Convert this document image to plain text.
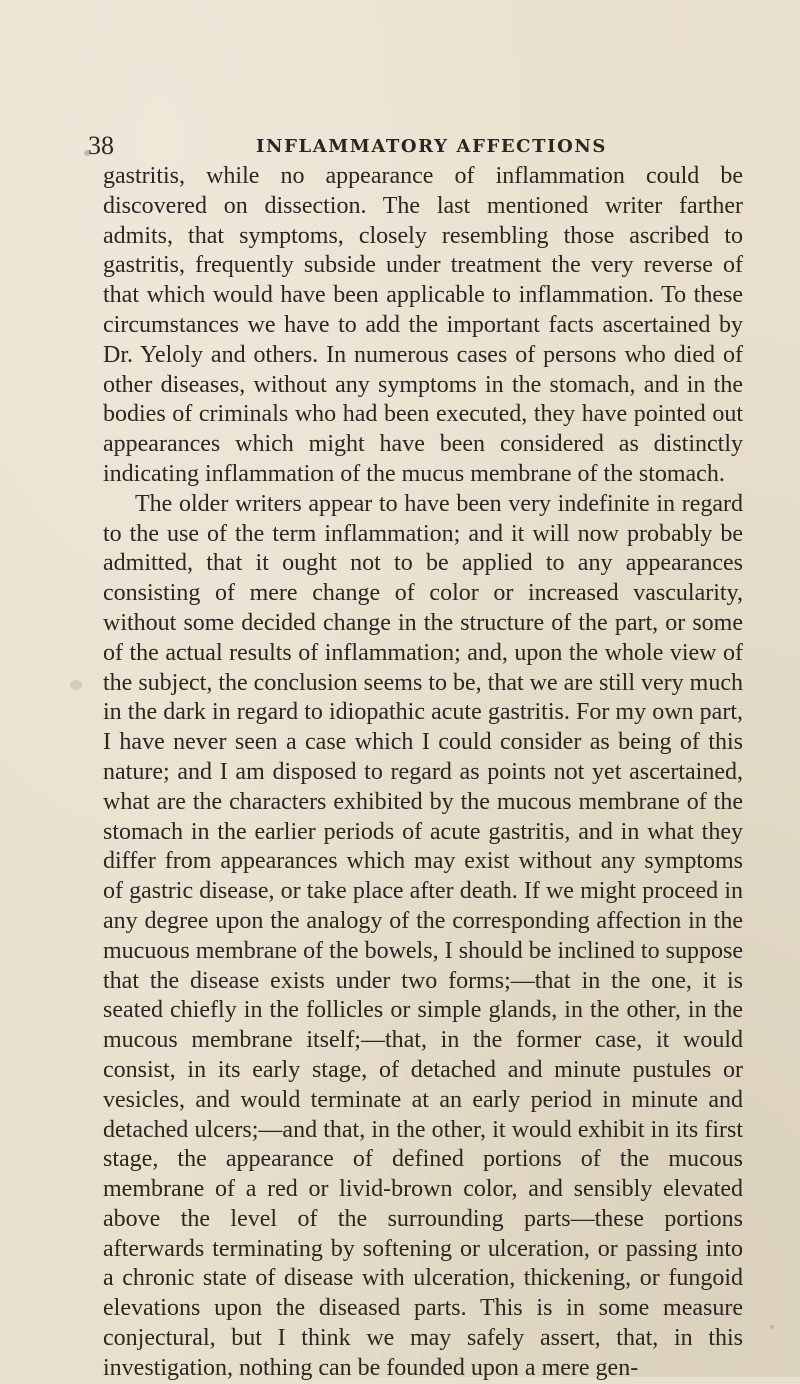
38	INFLAMMATORY AFFECTIONS

gastritis, while no appearance of inflammation could be discovered on dissection. The last mentioned writer farther admits, that symptoms, closely resembling those ascribed to gastritis, frequently subside under treatment the very reverse of that which would have been applicable to inflammation. To these circumstances we have to add the important facts ascertained by Dr. Yeloly and others. In numerous cases of persons who died of other diseases, without any symptoms in the stomach, and in the bodies of criminals who had been executed, they have pointed out appearances which might have been considered as distinctly indicating inflammation of the mucus membrane of the stomach.

The older writers appear to have been very indefinite in regard to the use of the term inflammation; and it will now probably be admitted, that it ought not to be applied to any appearances consisting of mere change of color or increased vascularity, without some decided change in the structure of the part, or some of the actual results of inflammation; and, upon the whole view of the subject, the conclusion seems to be, that we are still very much in the dark in regard to idiopathic acute gastritis. For my own part, I have never seen a case which I could consider as being of this nature; and I am disposed to regard as points not yet ascertained, what are the characters exhibited by the mucous membrane of the stomach in the earlier periods of acute gastritis, and in what they differ from appearances which may exist without any symptoms of gastric disease, or take place after death. If we might proceed in any degree upon the analogy of the corresponding affection in the mucuous membrane of the bowels, I should be inclined to suppose that the disease exists under two forms;—that in the one, it is seated chiefly in the follicles or simple glands, in the other, in the mucous membrane itself;—that, in the former case, it would consist, in its early stage, of detached and minute pustules or vesicles, and would terminate at an early period in minute and detached ulcers;—and that, in the other, it would exhibit in its first stage, the appearance of defined portions of the mucous membrane of a red or livid-brown color, and sensibly elevated above the level of the surrounding parts—these portions afterwards terminating by softening or ulceration, or passing into a chronic state of disease with ulceration, thickening, or fungoid elevations upon the diseased parts. This is in some measure conjectural, but I think we may safely assert, that, in this investigation, nothing can be founded upon a mere gen-
